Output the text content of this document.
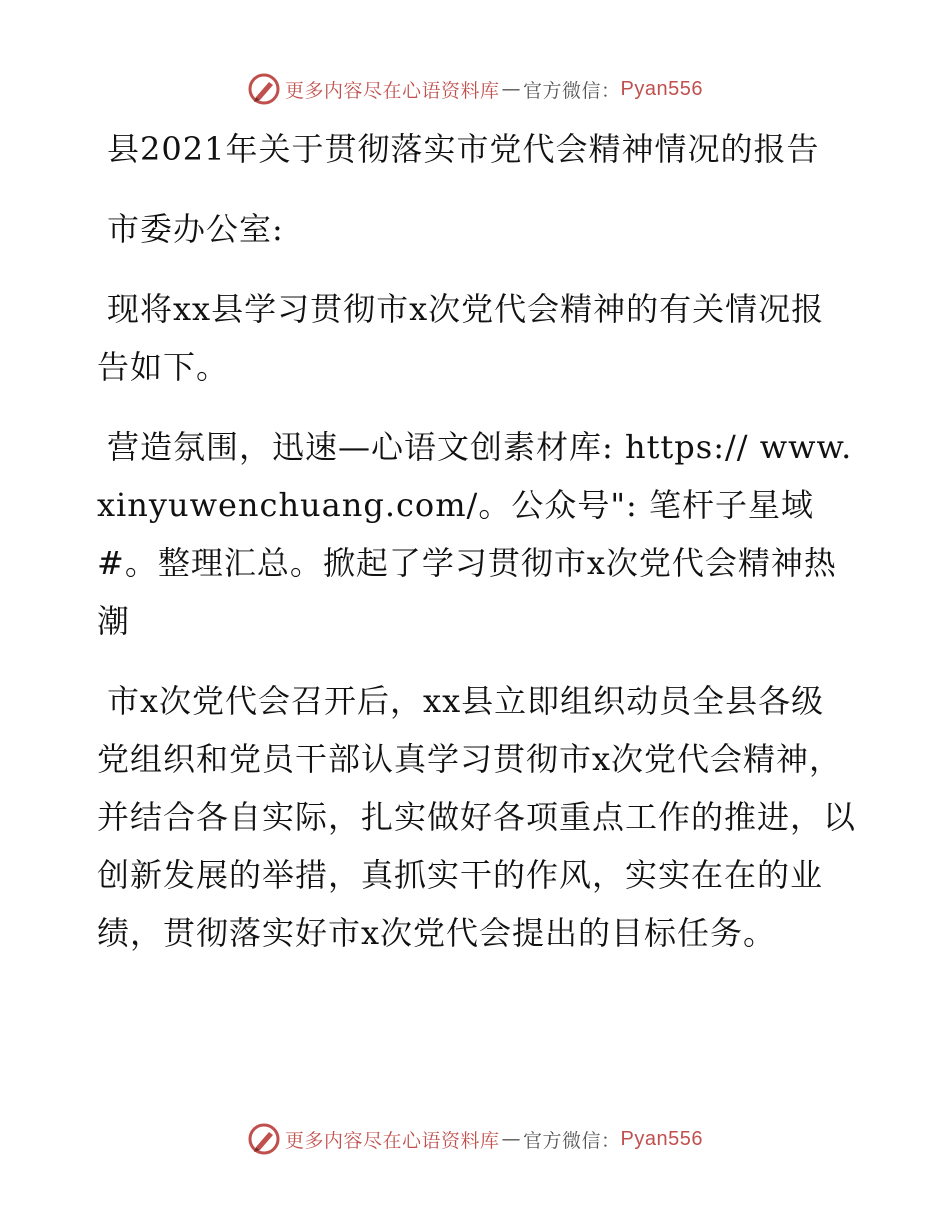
更多内容尽在心语资料库 — 官方微信： Pyan556

县2021年关于贯彻落实市党代会精神情况的报告

市委办公室:

现将xx县学习贯彻市x次党代会精神的有关情况报告如下。

营造氛围，迅速—心语文创素材库: https:// www.xinyuwenchuang.com/。公众号": 笔杆子星域#。整理汇总。掀起了学习贯彻市x次党代会精神热潮

市x次党代会召开后，xx县立即组织动员全县各级党组织和党员干部认真学习贯彻市x次党代会精神，并结合各自实际，扎实做好各项重点工作的推进，以创新发展的举措，真抓实干的作风，实实在在的业绩，贯彻落实好市x次党代会提出的目标任务。

更多内容尽在心语资料库 — 官方微信： Pyan556
